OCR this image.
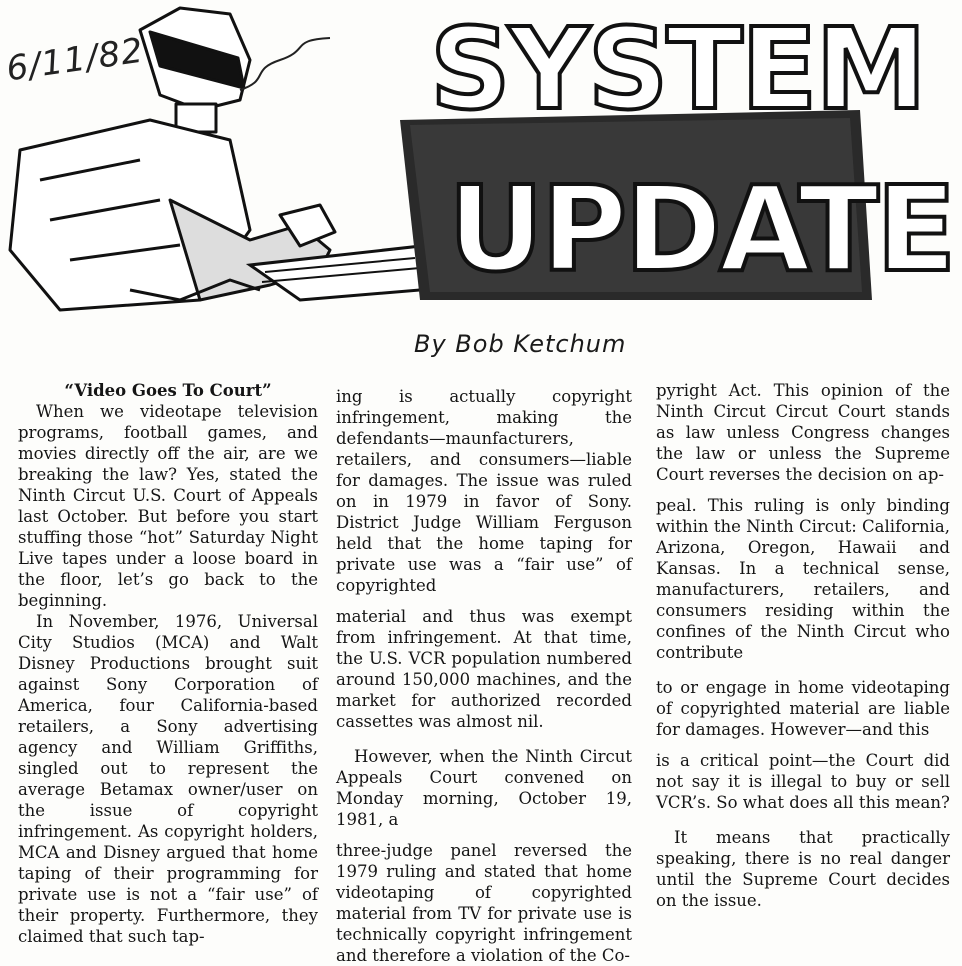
SYSTEM
UPDATE
6/11/82
By Bob Ketchum

“Video Goes To Court”

When we videotape television programs, football games, and movies directly off the air, are we breaking the law? Yes, stated the Ninth Circut U.S. Court of Appeals last October. But before you start stuffing those “hot” Saturday Night Live tapes under a loose board in the floor, let’s go back to the beginning.

In November, 1976, Universal City Studios (MCA) and Walt Disney Productions brought suit against Sony Corporation of America, four California-based retailers, a Sony advertising agency and William Griffiths, singled out to represent the average Betamax owner/user on the issue of copyright infringement. As copyright holders, MCA and Disney argued that home taping of their programming for private use is not a “fair use” of their property. Furthermore, they claimed that such tap-

ing is actually copyright infringement, making the defendants—maunfacturers, retailers, and consumers—liable for damages. The issue was ruled on in 1979 in favor of Sony. District Judge William Ferguson held that the home taping for private use was a “fair use” of copyrighted

material and thus was exempt from infringement. At that time, the U.S. VCR population numbered around 150,000 machines, and the market for authorized recorded cassettes was almost nil.

However, when the Ninth Circut Appeals Court convened on Monday morning, October 19, 1981, a

three-judge panel reversed the 1979 ruling and stated that home videotaping of copyrighted material from TV for private use is technically copyright infringement and therefore a violation of the Co-

pyright Act. This opinion of the Ninth Circut Circut Court stands as law unless Congress changes the law or unless the Supreme Court reverses the decision on ap-

peal. This ruling is only binding within the Ninth Circut: California, Arizona, Oregon, Hawaii and Kansas. In a technical sense, manufacturers, retailers, and consumers residing within the confines of the Ninth Circut who contribute

to or engage in home videotaping of copyrighted material are liable for damages. However—and this

is a critical point—the Court did not say it is illegal to buy or sell VCR’s. So what does all this mean?

It means that practically speaking, there is no real danger until the Supreme Court decides on the issue.
